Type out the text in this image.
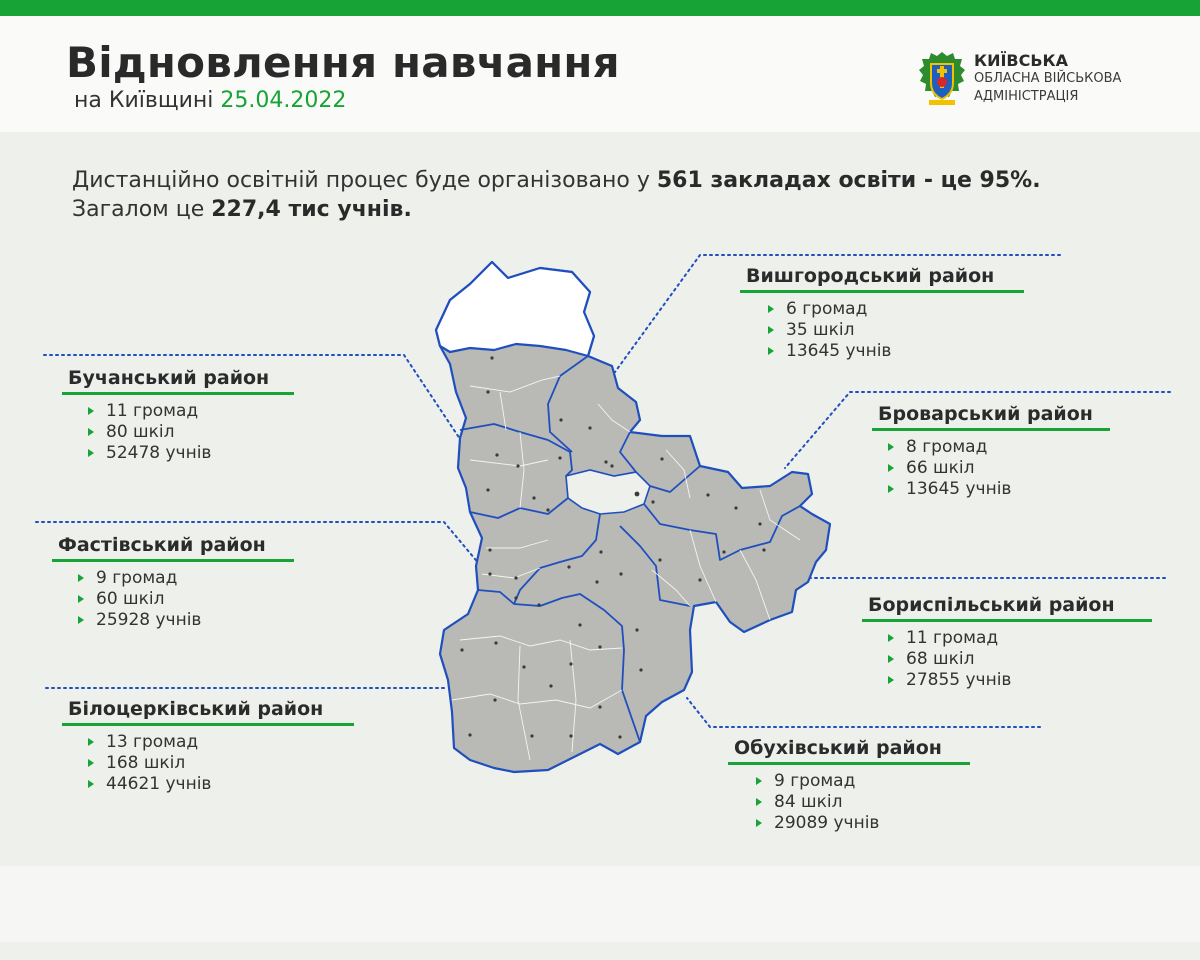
Відновлення навчання
на Київщині 25.04.2022
КИЇВСЬКА
ОБЛАСНА ВІЙСЬКОВА
АДМІНІСТРАЦІЯ
Дистанційно освітній процес буде організовано у 561 закладах освіти - це 95%.
Загалом це 227,4 тис учнів.
Вишгородський район
6 громад
35 шкіл
13645 учнів
Бучанський район
11 громад
80 шкіл
52478 учнів
Броварський район
8 громад
66 шкіл
13645 учнів
Фастівський район
9 громад
60 шкіл
25928 учнів
Бориспільський район
11 громад
68 шкіл
27855 учнів
Білоцерківський район
13 громад
168 шкіл
44621 учнів
Обухівський район
9 громад
84 шкіл
29089 учнів
